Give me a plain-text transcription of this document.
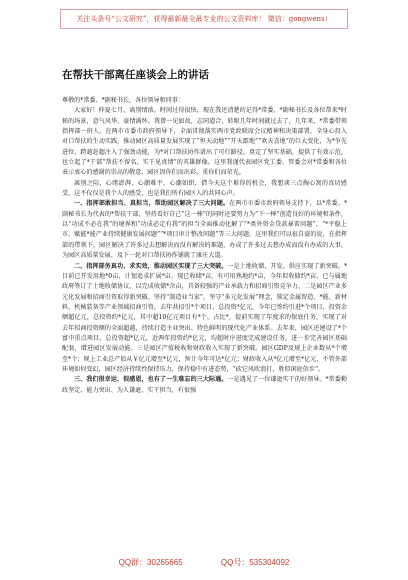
关注头条号“公文研究”，获得最新最全最专业的公文资料库！ 微信：gongwens）
在帮扶干部离任座谈会上的讲话

尊敬的*常委、*副秘书长，各位领导和同事：

大家好！仲夏七月，离别情浓。时间过得很快，现在我还清楚的记得*常委、*副秘书长及各位帮来*时候的场景，意气风华，豪情满怀。我曾一见如故，志同道合，转眼几年时间就过去了，几年来，*常委带领指挥部一班人，在两市市委市政府领导下，全面贯彻落实两市党政联席会议精神和决策部署，全身心投入对口帮扶的生动实践，推动园区高质量发展实现了“恒天动地”“开天霹地”“欢天喜地”的巨大变化，为*争先进位、跨越赶超注入了强劲动能，为*对口帮扶协作谱出了可行路径，奠定了坚实基础，提供了有效示范，也立起了*干部“帮扶不留名、实干见真情”的英雄群像。这里我谨代表园区党工委、管委会对*常委和各位表示衷心的感谢的崇高的敬意，园区因你们而出彩、重你们而荣光。

离别之际，心绪澎湃，心潮难平，心潮如织，借今天这个难得的机会，我想谈三点掏心窝的真切感受，这不仅仅是我个人的感受，也是我们所有园区人的共同心声。

一、指挥部敢担当、真担当，帮助园区解决了三大问题。在两市市委市政府领导支持下，以*常委、*副秘书长为代表的*帮扶干部，坚持看好自己“这一棒”的同时还要努力为“下一棒”创造良好的环境和条件，以“功成不必在我”的境界和“功成必定有我”的担当全面推动化解了“*类外资金贷款暴雷问题”，“*平稳上市、赋能*能产业持续健康发展问题”“*项目审计整改问题”等三大问题，这里我们可以很自豪的说，在指挥部的带领下，园区解决了许多过去想解决而没有解决的难题，办成了许多过去想办成而没有办成的大事，为园区高质量发展、及下一轮对口帮扶协作铺就了康庄大道。

二、指挥部务真功、求实效，推动园区实现了三大突破。一是土地收储、开发、供应实现了新突破。*目前已开发用地*0亩，计划追求扩展*亩，现已收储*亩，有可用熟地约*亩，今年拟收储约*亩，已与属地政府签订了土地收储协议，以完成收储*余亩，具备较强的产业承载力和招商引资竞争力。二是园区产业多元化发展和招商引资取得新突破。坚持“制造业当家”，坚守“多元化发展”理念，锁定金属智造、*能、新材料、机械装备等产业领域招商引资，去年共招引*个项目，总投资*亿元，今年已签约引进*个项目，投资金额超亿元，总投资约*亿元，其中超10亿元项目有*个，占比*，提前实现了年度求的保底任务，实现了对去年招商投资额的全面超越，持续打造主业突出、特色鲜明的现代化产业体系。去年来，园区还建设了*个富中重点项目，总投资超*亿元，近两年投资约*亿元，均超时序进度完成建设任务，进一步完善园区基础配套，增进园区发展动能。三是园区产值税收和财政收入实现了新突破。园区GDP及规上企业数从*个增至*个；规上工业总产值从￥亿元增至*亿元，预计今年可达*亿元；财政收入从*亿元增至*亿元，不管外部环境如何变幻，园区经济持续性保持压力，保持稳中有进态势，“砍它风吹浪打，胜似闲庭信步”。

三、我们很幸运、很感恩，也有了一生难忘的三大际遇。一是遇见了一位谦逊实干的好领导。*常委勤政坚定、能力突出、为人谦逊、实干担当，有很强

QQ群：30265665	QQ号：535304092
